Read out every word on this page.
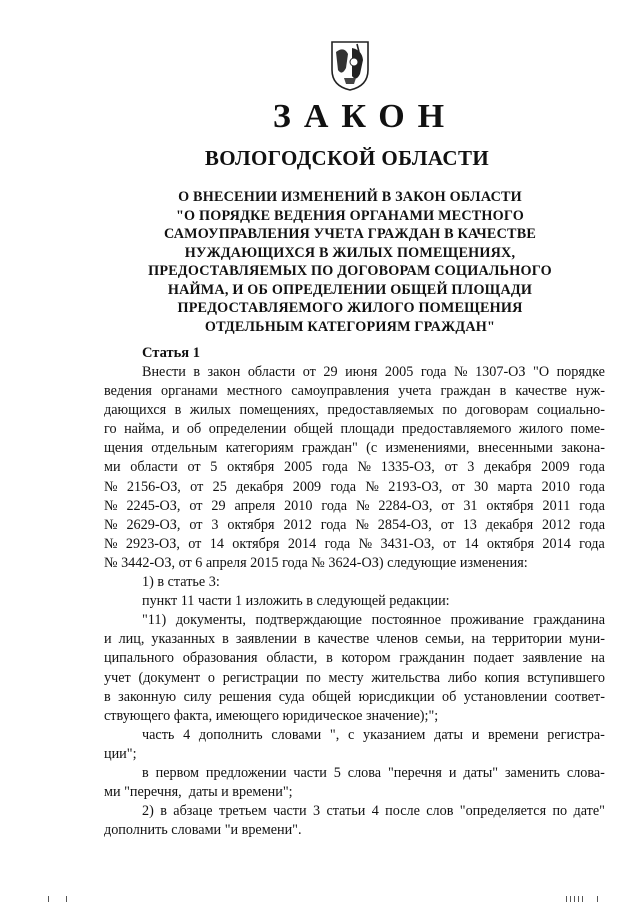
ЗАКОН
ВОЛОГОДСКОЙ ОБЛАСТИ
О ВНЕСЕНИИ ИЗМЕНЕНИЙ В ЗАКОН ОБЛАСТИ
"О ПОРЯДКЕ ВЕДЕНИЯ ОРГАНАМИ МЕСТНОГО
САМОУПРАВЛЕНИЯ УЧЕТА ГРАЖДАН В КАЧЕСТВЕ
НУЖДАЮЩИХСЯ В ЖИЛЫХ ПОМЕЩЕНИЯХ,
ПРЕДОСТАВЛЯЕМЫХ ПО ДОГОВОРАМ СОЦИАЛЬНОГО
НАЙМА, И ОБ ОПРЕДЕЛЕНИИ ОБЩЕЙ ПЛОЩАДИ
ПРЕДОСТАВЛЯЕМОГО ЖИЛОГО ПОМЕЩЕНИЯ
ОТДЕЛЬНЫМ КАТЕГОРИЯМ ГРАЖДАН"
Статья 1
Внести в закон области от 29 июня 2005 года № 1307-ОЗ "О порядке
ведения органами местного самоуправления учета граждан в качестве нуж-
дающихся в жилых помещениях, предоставляемых по договорам социально-
го найма, и об определении общей площади предоставляемого жилого поме-
щения отдельным категориям граждан" (с изменениями, внесенными закона-
ми области от 5 октября 2005 года № 1335-ОЗ, от 3 декабря 2009 года
№ 2156-ОЗ, от 25 декабря 2009 года № 2193-ОЗ, от 30 марта 2010 года
№ 2245-ОЗ, от 29 апреля 2010 года № 2284-ОЗ, от 31 октября 2011 года
№ 2629-ОЗ, от 3 октября 2012 года № 2854-ОЗ, от 13 декабря 2012 года
№ 2923-ОЗ, от 14 октября 2014 года № 3431-ОЗ, от 14 октября 2014 года
№ 3442-ОЗ, от 6 апреля 2015 года № 3624-ОЗ) следующие изменения:
1) в статье 3:
пункт 11 части 1 изложить в следующей редакции:
"11) документы, подтверждающие постоянное проживание гражданина
и лиц, указанных в заявлении в качестве членов семьи, на территории муни-
ципального образования области, в котором гражданин подает заявление на
учет (документ о регистрации по месту жительства либо копия вступившего
в законную силу решения суда общей юрисдикции об установлении соответ-
ствующего факта, имеющего юридическое значение);";
часть 4 дополнить словами ", с указанием даты и времени регистра-
ции";
в первом предложении части 5 слова "перечня и даты" заменить слова-
ми "перечня,  даты и времени";
2) в абзаце третьем части 3 статьи 4 после слов "определяется по дате"
дополнить словами "и времени".
